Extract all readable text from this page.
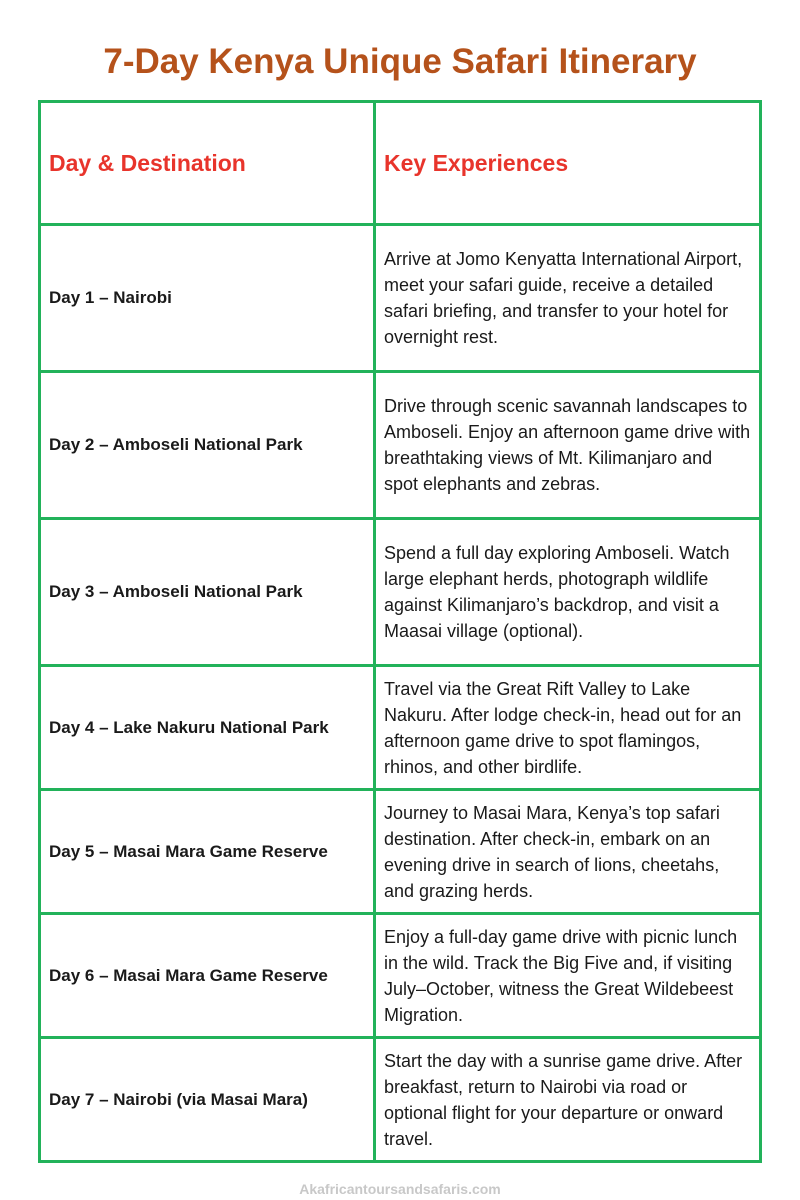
7-Day Kenya Unique Safari Itinerary
Day & Destination	Key Experiences
Day 1 – Nairobi	Arrive at Jomo Kenyatta International Airport, meet your safari guide, receive a detailed safari briefing, and transfer to your hotel for overnight rest.
Day 2 – Amboseli National Park	Drive through scenic savannah landscapes to Amboseli. Enjoy an afternoon game drive with breathtaking views of Mt. Kilimanjaro and spot elephants and zebras.
Day 3 – Amboseli National Park	Spend a full day exploring Amboseli. Watch large elephant herds, photograph wildlife against Kilimanjaro’s backdrop, and visit a Maasai village (optional).
Day 4 – Lake Nakuru National Park	Travel via the Great Rift Valley to Lake Nakuru. After lodge check-in, head out for an afternoon game drive to spot flamingos, rhinos, and other birdlife.
Day 5 – Masai Mara Game Reserve	Journey to Masai Mara, Kenya’s top safari destination. After check-in, embark on an evening drive in search of lions, cheetahs, and grazing herds.
Day 6 – Masai Mara Game Reserve	Enjoy a full-day game drive with picnic lunch in the wild. Track the Big Five and, if visiting July–October, witness the Great Wildebeest Migration.
Day 7 – Nairobi (via Masai Mara)	Start the day with a sunrise game drive. After breakfast, return to Nairobi via road or optional flight for your departure or onward travel.
Akafricantoursandsafaris.com
